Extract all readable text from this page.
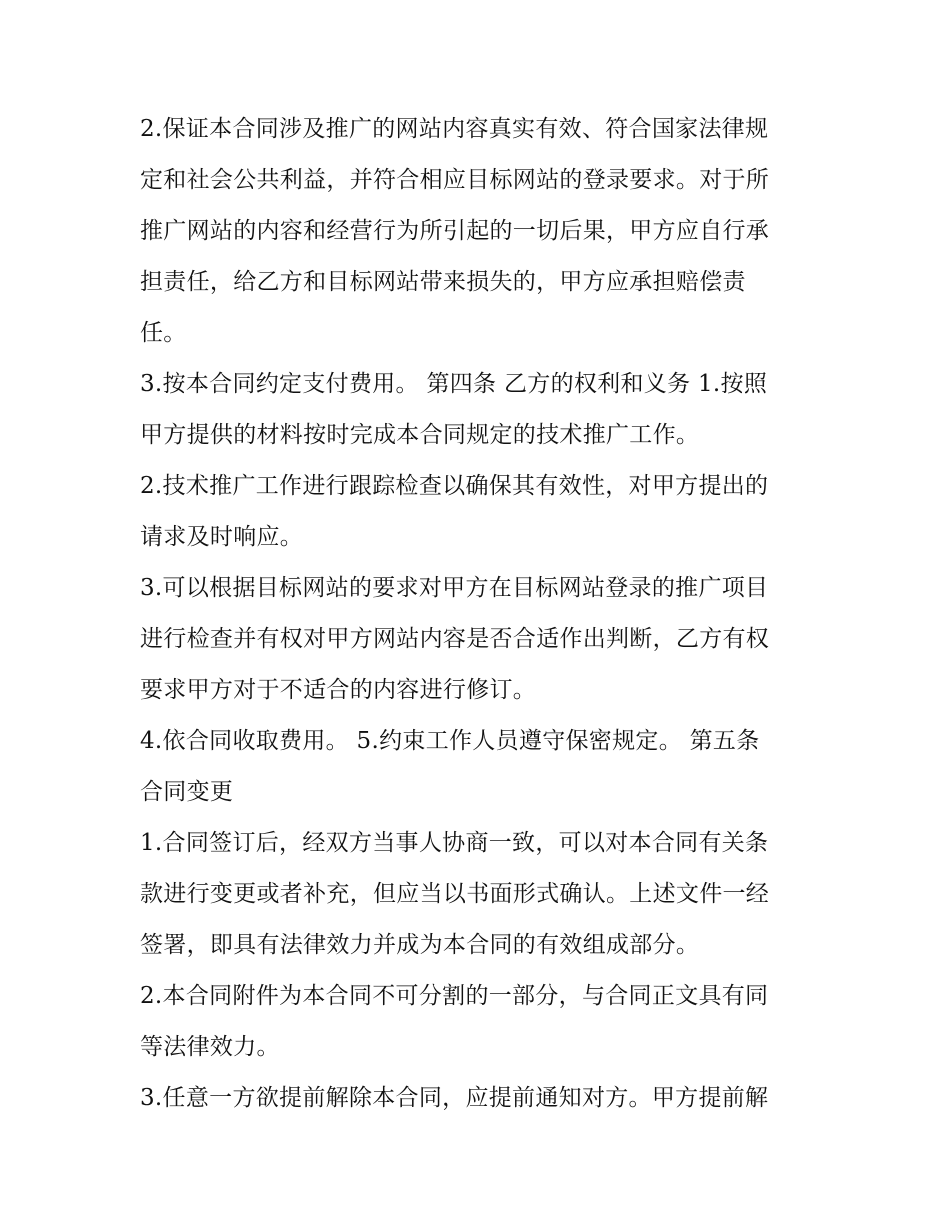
2.保证本合同涉及推广的网站内容真实有效、符合国家法律规
定和社会公共利益，并符合相应目标网站的登录要求。对于所
推广网站的内容和经营行为所引起的一切后果，甲方应自行承
担责任，给乙方和目标网站带来损失的，甲方应承担赔偿责
任。
3.按本合同约定支付费用。 第四条 乙方的权利和义务 1.按照
甲方提供的材料按时完成本合同规定的技术推广工作。
2.技术推广工作进行跟踪检查以确保其有效性，对甲方提出的
请求及时响应。
3.可以根据目标网站的要求对甲方在目标网站登录的推广项目
进行检查并有权对甲方网站内容是否合适作出判断，乙方有权
要求甲方对于不适合的内容进行修订。
4.依合同收取费用。 5.约束工作人员遵守保密规定。 第五条
合同变更
1.合同签订后，经双方当事人协商一致，可以对本合同有关条
款进行变更或者补充，但应当以书面形式确认。上述文件一经
签署，即具有法律效力并成为本合同的有效组成部分。
2.本合同附件为本合同不可分割的一部分，与合同正文具有同
等法律效力。
3.任意一方欲提前解除本合同，应提前通知对方。甲方提前解
